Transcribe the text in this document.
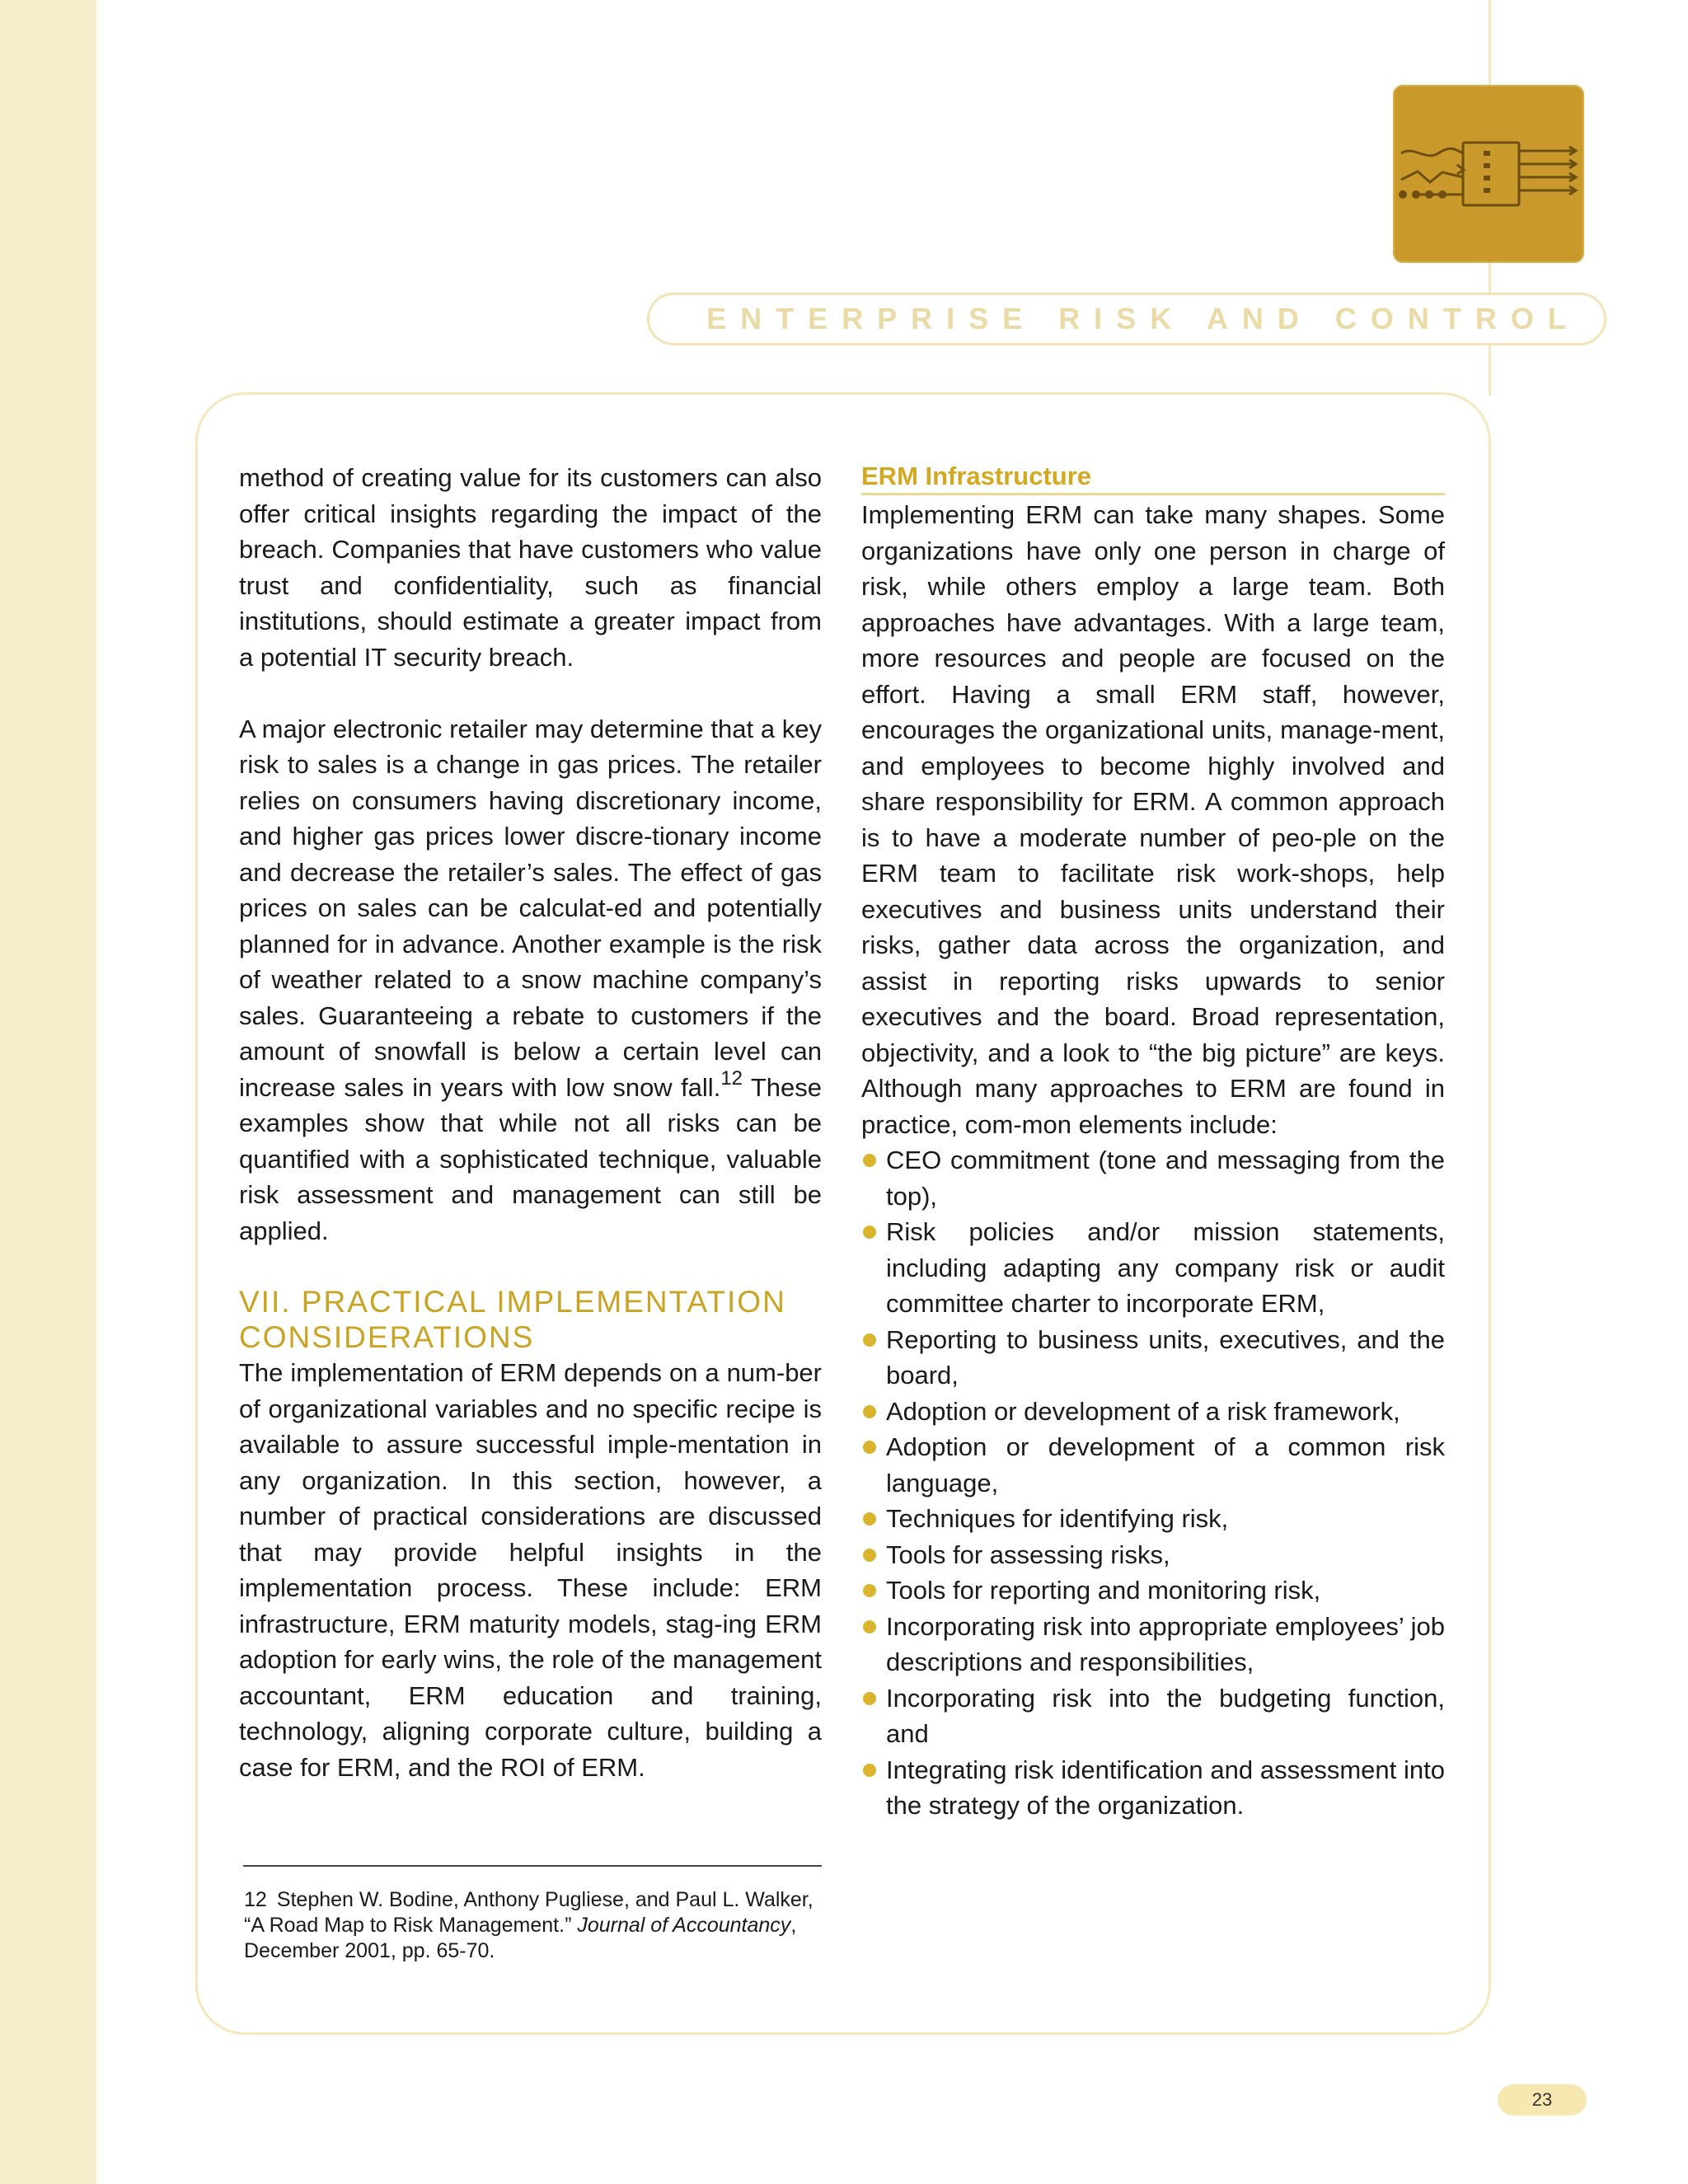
ENTERPRISE RISK AND CONTROL

method of creating value for its customers can also offer critical insights regarding the impact of the breach. Companies that have customers who value trust and confidentiality, such as financial institutions, should estimate a greater impact from a potential IT security breach.

A major electronic retailer may determine that a key risk to sales is a change in gas prices. The retailer relies on consumers having discretionary income, and higher gas prices lower discre-tionary income and decrease the retailer’s sales. The effect of gas prices on sales can be calculat-ed and potentially planned for in advance. Another example is the risk of weather related to a snow machine company’s sales. Guaranteeing a rebate to customers if the amount of snowfall is below a certain level can increase sales in years with low snow fall.$^{12}$ These examples show that while not all risks can be quantified with a sophisticated technique, valuable risk assessment and management can still be applied.

VII. PRACTICAL IMPLEMENTATION
CONSIDERATIONS

The implementation of ERM depends on a num-ber of organizational variables and no specific recipe is available to assure successful imple-mentation in any organization. In this section, however, a number of practical considerations are discussed that may provide helpful insights in the implementation process. These include: ERM infrastructure, ERM maturity models, stag-ing ERM adoption for early wins, the role of the management accountant, ERM education and training, technology, aligning corporate culture, building a case for ERM, and the ROI of ERM.

ERM Infrastructure

Implementing ERM can take many shapes. Some organizations have only one person in charge of risk, while others employ a large team. Both approaches have advantages. With a large team, more resources and people are focused on the effort. Having a small ERM staff, however, encourages the organizational units, manage-ment, and employees to become highly involved and share responsibility for ERM. A common approach is to have a moderate number of peo-ple on the ERM team to facilitate risk work-shops, help executives and business units understand their risks, gather data across the organization, and assist in reporting risks upwards to senior executives and the board. Broad representation, objectivity, and a look to “the big picture” are keys. Although many approaches to ERM are found in practice, com-mon elements include:

CEO commitment (tone and messaging from the top),
Risk policies and/or mission statements, including adapting any company risk or audit committee charter to incorporate ERM,
Reporting to business units, executives, and the board,
Adoption or development of a risk framework,
Adoption or development of a common risk language,
Techniques for identifying risk,
Tools for assessing risks,
Tools for reporting and monitoring risk,
Incorporating risk into appropriate employees’ job descriptions and responsibilities,
Incorporating risk into the budgeting function, and
Integrating risk identification and assessment into the strategy of the organization.
12 Stephen W. Bodine, Anthony Pugliese, and Paul L. Walker, “A Road Map to Risk Management.” Journal of Accountancy, December 2001, pp. 65-70.
23
